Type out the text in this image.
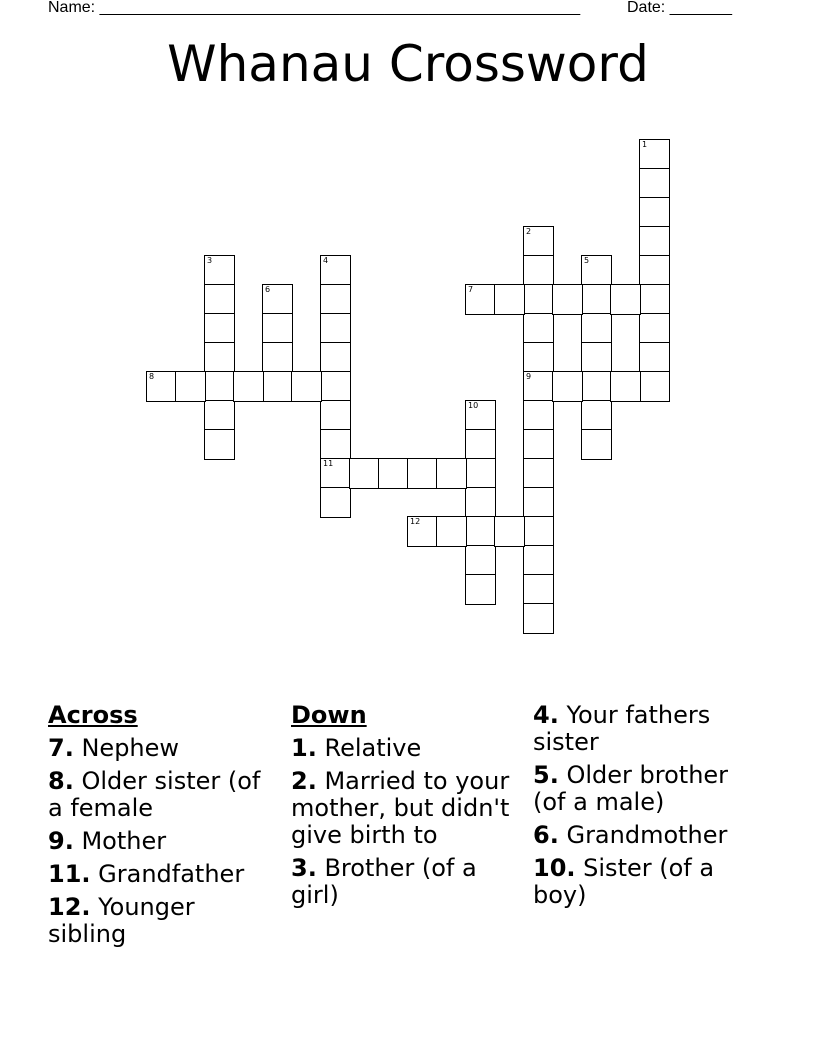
Name: ______________________________________________________	Date: _______
Whanau Crossword
1
2
9
3	4
11
5
6	7
8
10
12
Across
7. Nephew
8. Older sister (of a female
9. Mother
11. Grandfather
12. Younger sibling
Down
1. Relative
2. Married to your mother, but didn't give birth to
3. Brother (of a girl)
4. Your fathers sister
5. Older brother (of a male)
6. Grandmother
10. Sister (of a boy)
